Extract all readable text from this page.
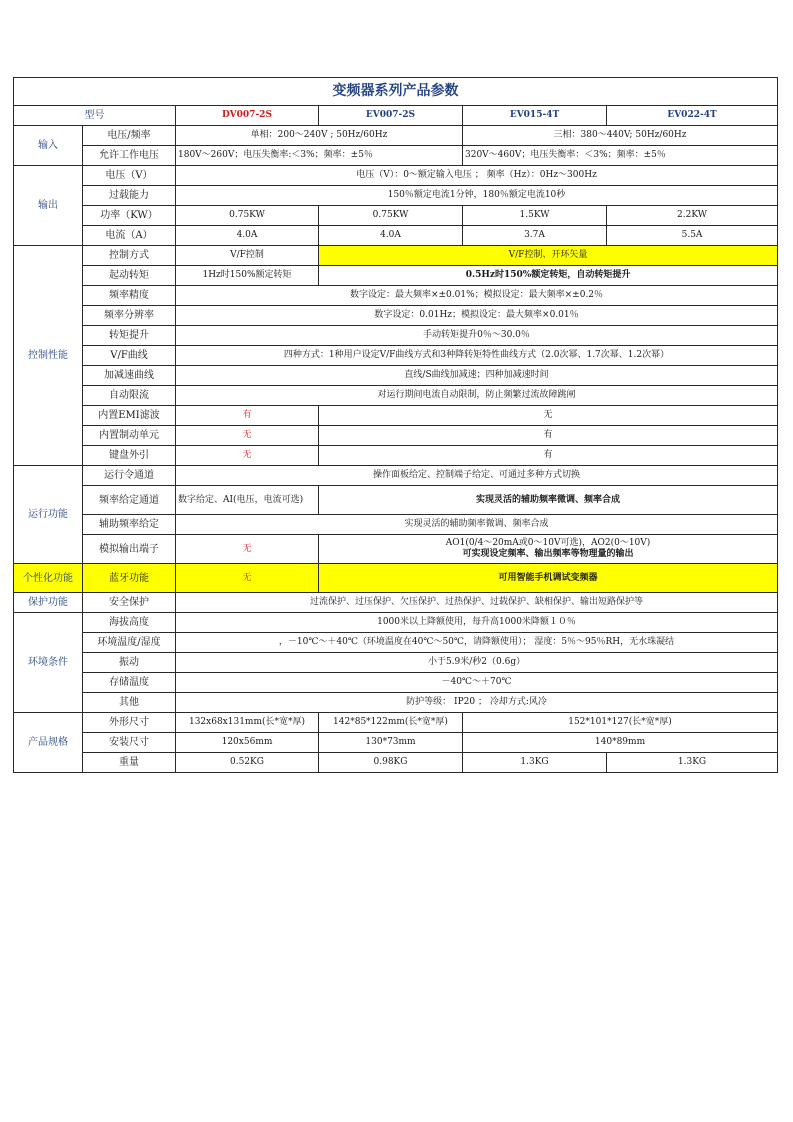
变频器系列产品参数					
型号		DV007-2S	EV007-2S	EV015-4T	EV022-4T
输入	电压/频率	单相：200～240V ; 50Hz/60Hz		三相：380～440V; 50Hz/60Hz	
	允许工作电压	180V～260V；电压失衡率:＜3%；频率：±5％		320V～460V；电压失衡率：＜3%；频率：±5％	
输出	电压（V）	电压（V）：0～额定输入电压 ； 频率（Hz）：0Hz～300Hz			
	过载能力	150％额定电流1分钟，180％额定电流10秒			
	功率（KW）	0.75KW	0.75KW	1.5KW	2.2KW
	电流（A）	4.0A	4.0A	3.7A	5.5A
控制性能	控制方式	V/F控制	V/F控制、开环矢量		
	起动转矩	1Hz时150%额定转矩	0.5Hz时150%额定转矩，自动转矩提升		
	频率精度	数字设定：最大频率×±0.01%；模拟设定：最大频率×±0.2％			
	频率分辨率	数字设定：0.01Hz；模拟设定：最大频率×0.01％			
	转矩提升	手动转矩提升0％～30.0％			
	V/F曲线	四种方式：1种用户设定V/F曲线方式和3种降转矩特性曲线方式（2.0次幂、1.7次幂、1.2次幂）			
	加减速曲线	直线/S曲线加减速；四种加减速时间			
	自动限流	对运行期间电流自动限制，防止频繁过流故障跳闸			
	内置EMI滤波	有	无		
	内置制动单元	无	有		
	键盘外引	无	有		
运行功能	运行令通道	操作面板给定、控制端子给定、可通过多种方式切换			
	频率给定通道	数字给定、AI(电压，电流可选)	实现灵活的辅助频率微调、频率合成		
	辅助频率给定	实现灵活的辅助频率微调、频率合成			
	模拟输出端子	无	AO1(0/4～20mA或0～10V可选)，AO2(0～10V)
可实现设定频率、输出频率等物理量的输出		

个性化功能	蓝牙功能	无	可用智能手机调试变频器		
保护功能	安全保护	过流保护、过压保护、欠压保护、过热保护、过载保护、缺相保护、输出短路保护等			
环境条件	海拔高度	1000米以上降额使用，每升高1000米降额１０％			
	环境温度/湿度	，－10℃～＋40℃（环境温度在40℃～50℃，请降额使用）； 湿度：5％～95％RH，无水珠凝结			
	振动	小于5.9米/秒2（0.6g）			
	存储温度	－40℃～＋70℃			
	其他	防护等级： IP20 ； 冷却方式:风冷			
产品规格	外形尺寸	132x68x131mm(长*宽*厚)	142*85*122mm(长*宽*厚)	152*101*127(长*宽*厚)	
	安装尺寸	120x56mm	130*73mm	140*89mm	
	重量	0.52KG	0.98KG	1.3KG	1.3KG
